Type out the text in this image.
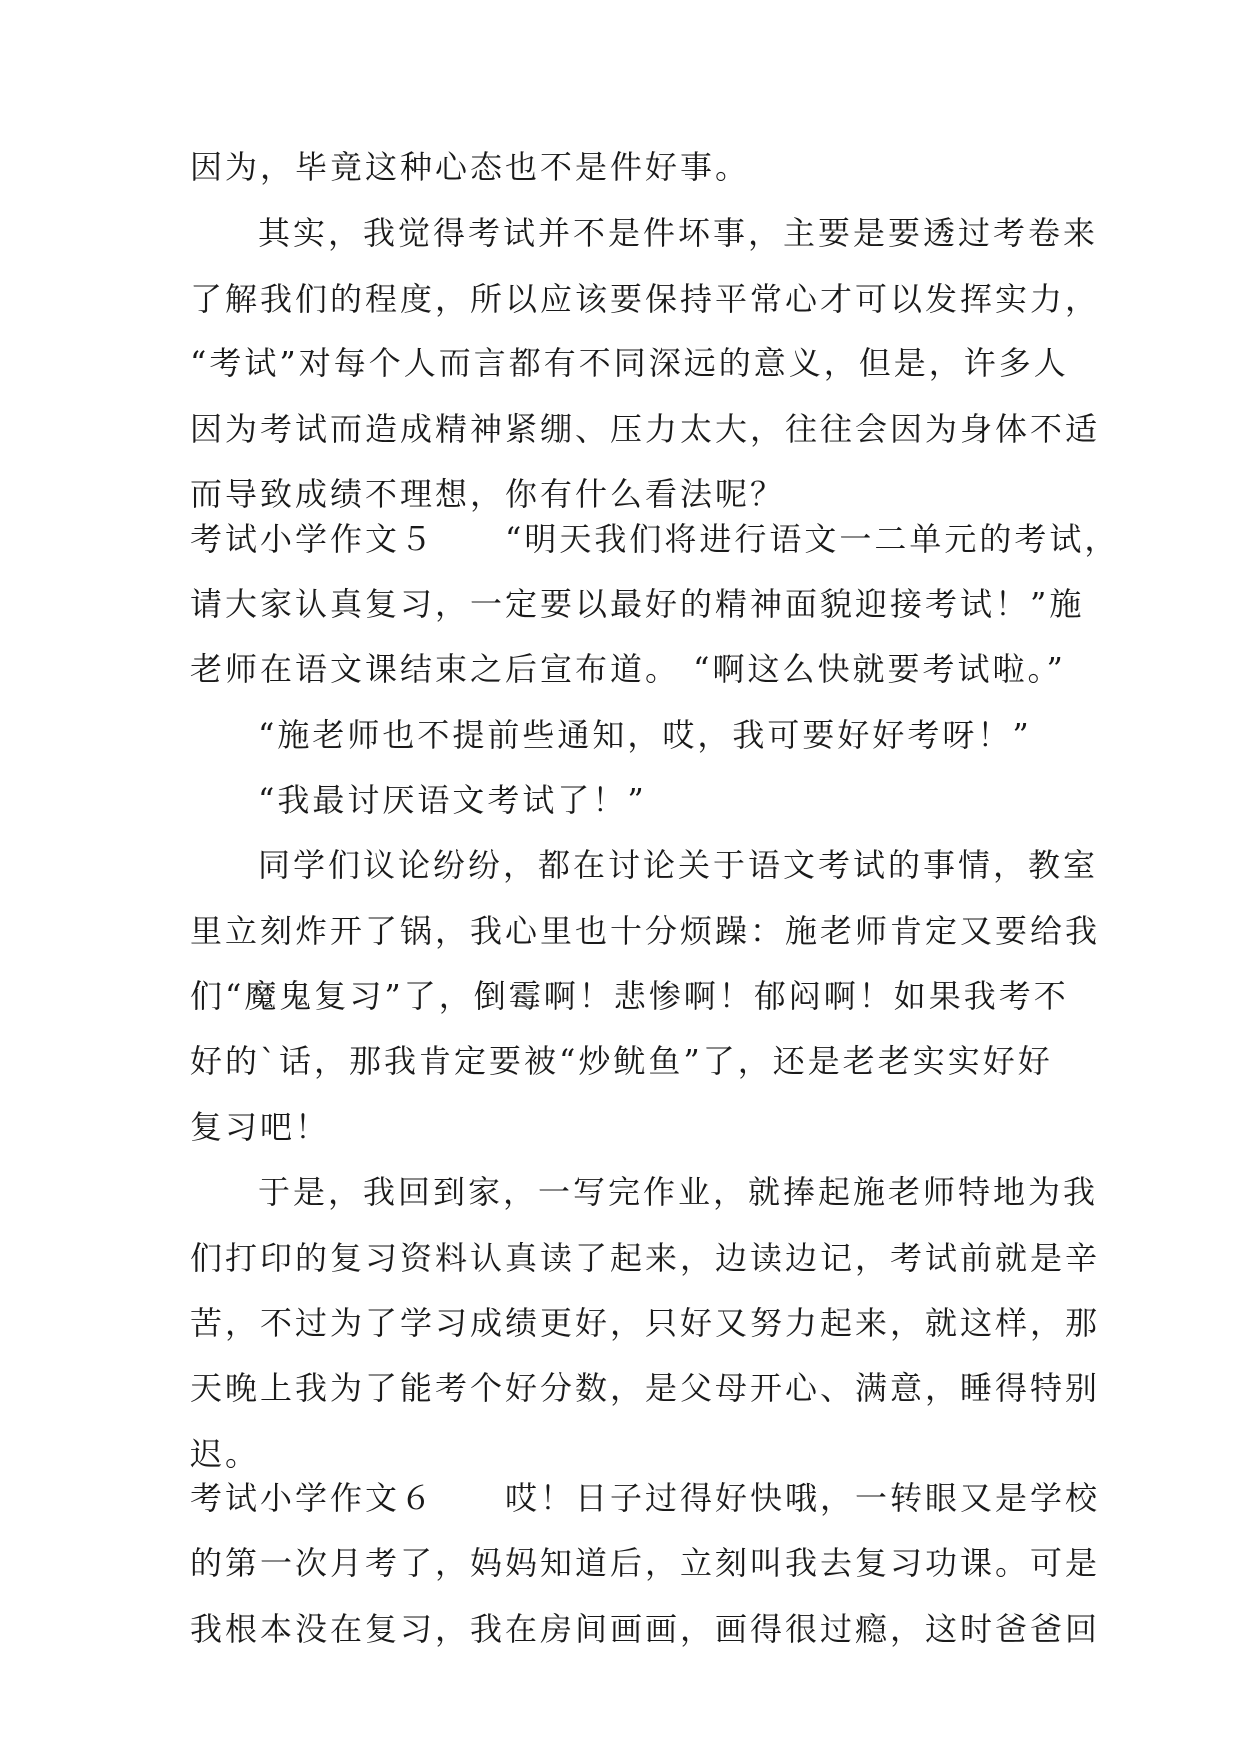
因为，毕竟这种心态也不是件好事。
其实，我觉得考试并不是件坏事，主要是要透过考卷来
了解我们的程度，所以应该要保持平常心才可以发挥实力，
“考试”对每个人而言都有不同深远的意义，但是，许多人
因为考试而造成精神紧绷、压力太大，往往会因为身体不适
而导致成绩不理想，你有什么看法呢？
考试小学作文５ “明天我们将进行语文一二单元的考试，
请大家认真复习，一定要以最好的精神面貌迎接考试！”施
老师在语文课结束之后宣布道。 “啊这么快就要考试啦。”
“施老师也不提前些通知，哎，我可要好好考呀！”
“我最讨厌语文考试了！”
同学们议论纷纷，都在讨论关于语文考试的事情，教室
里立刻炸开了锅，我心里也十分烦躁：施老师肯定又要给我
们“魔鬼复习”了，倒霉啊！悲惨啊！郁闷啊！如果我考不
好的`话，那我肯定要被“炒鱿鱼”了，还是老老实实好好
复习吧！
于是，我回到家，一写完作业，就捧起施老师特地为我
们打印的复习资料认真读了起来，边读边记，考试前就是辛
苦，不过为了学习成绩更好，只好又努力起来，就这样，那
天晚上我为了能考个好分数，是父母开心、满意，睡得特别
迟。
考试小学作文６ 哎！日子过得好快哦，一转眼又是学校
的第一次月考了，妈妈知道后，立刻叫我去复习功课。可是
我根本没在复习，我在房间画画，画得很过瘾，这时爸爸回
